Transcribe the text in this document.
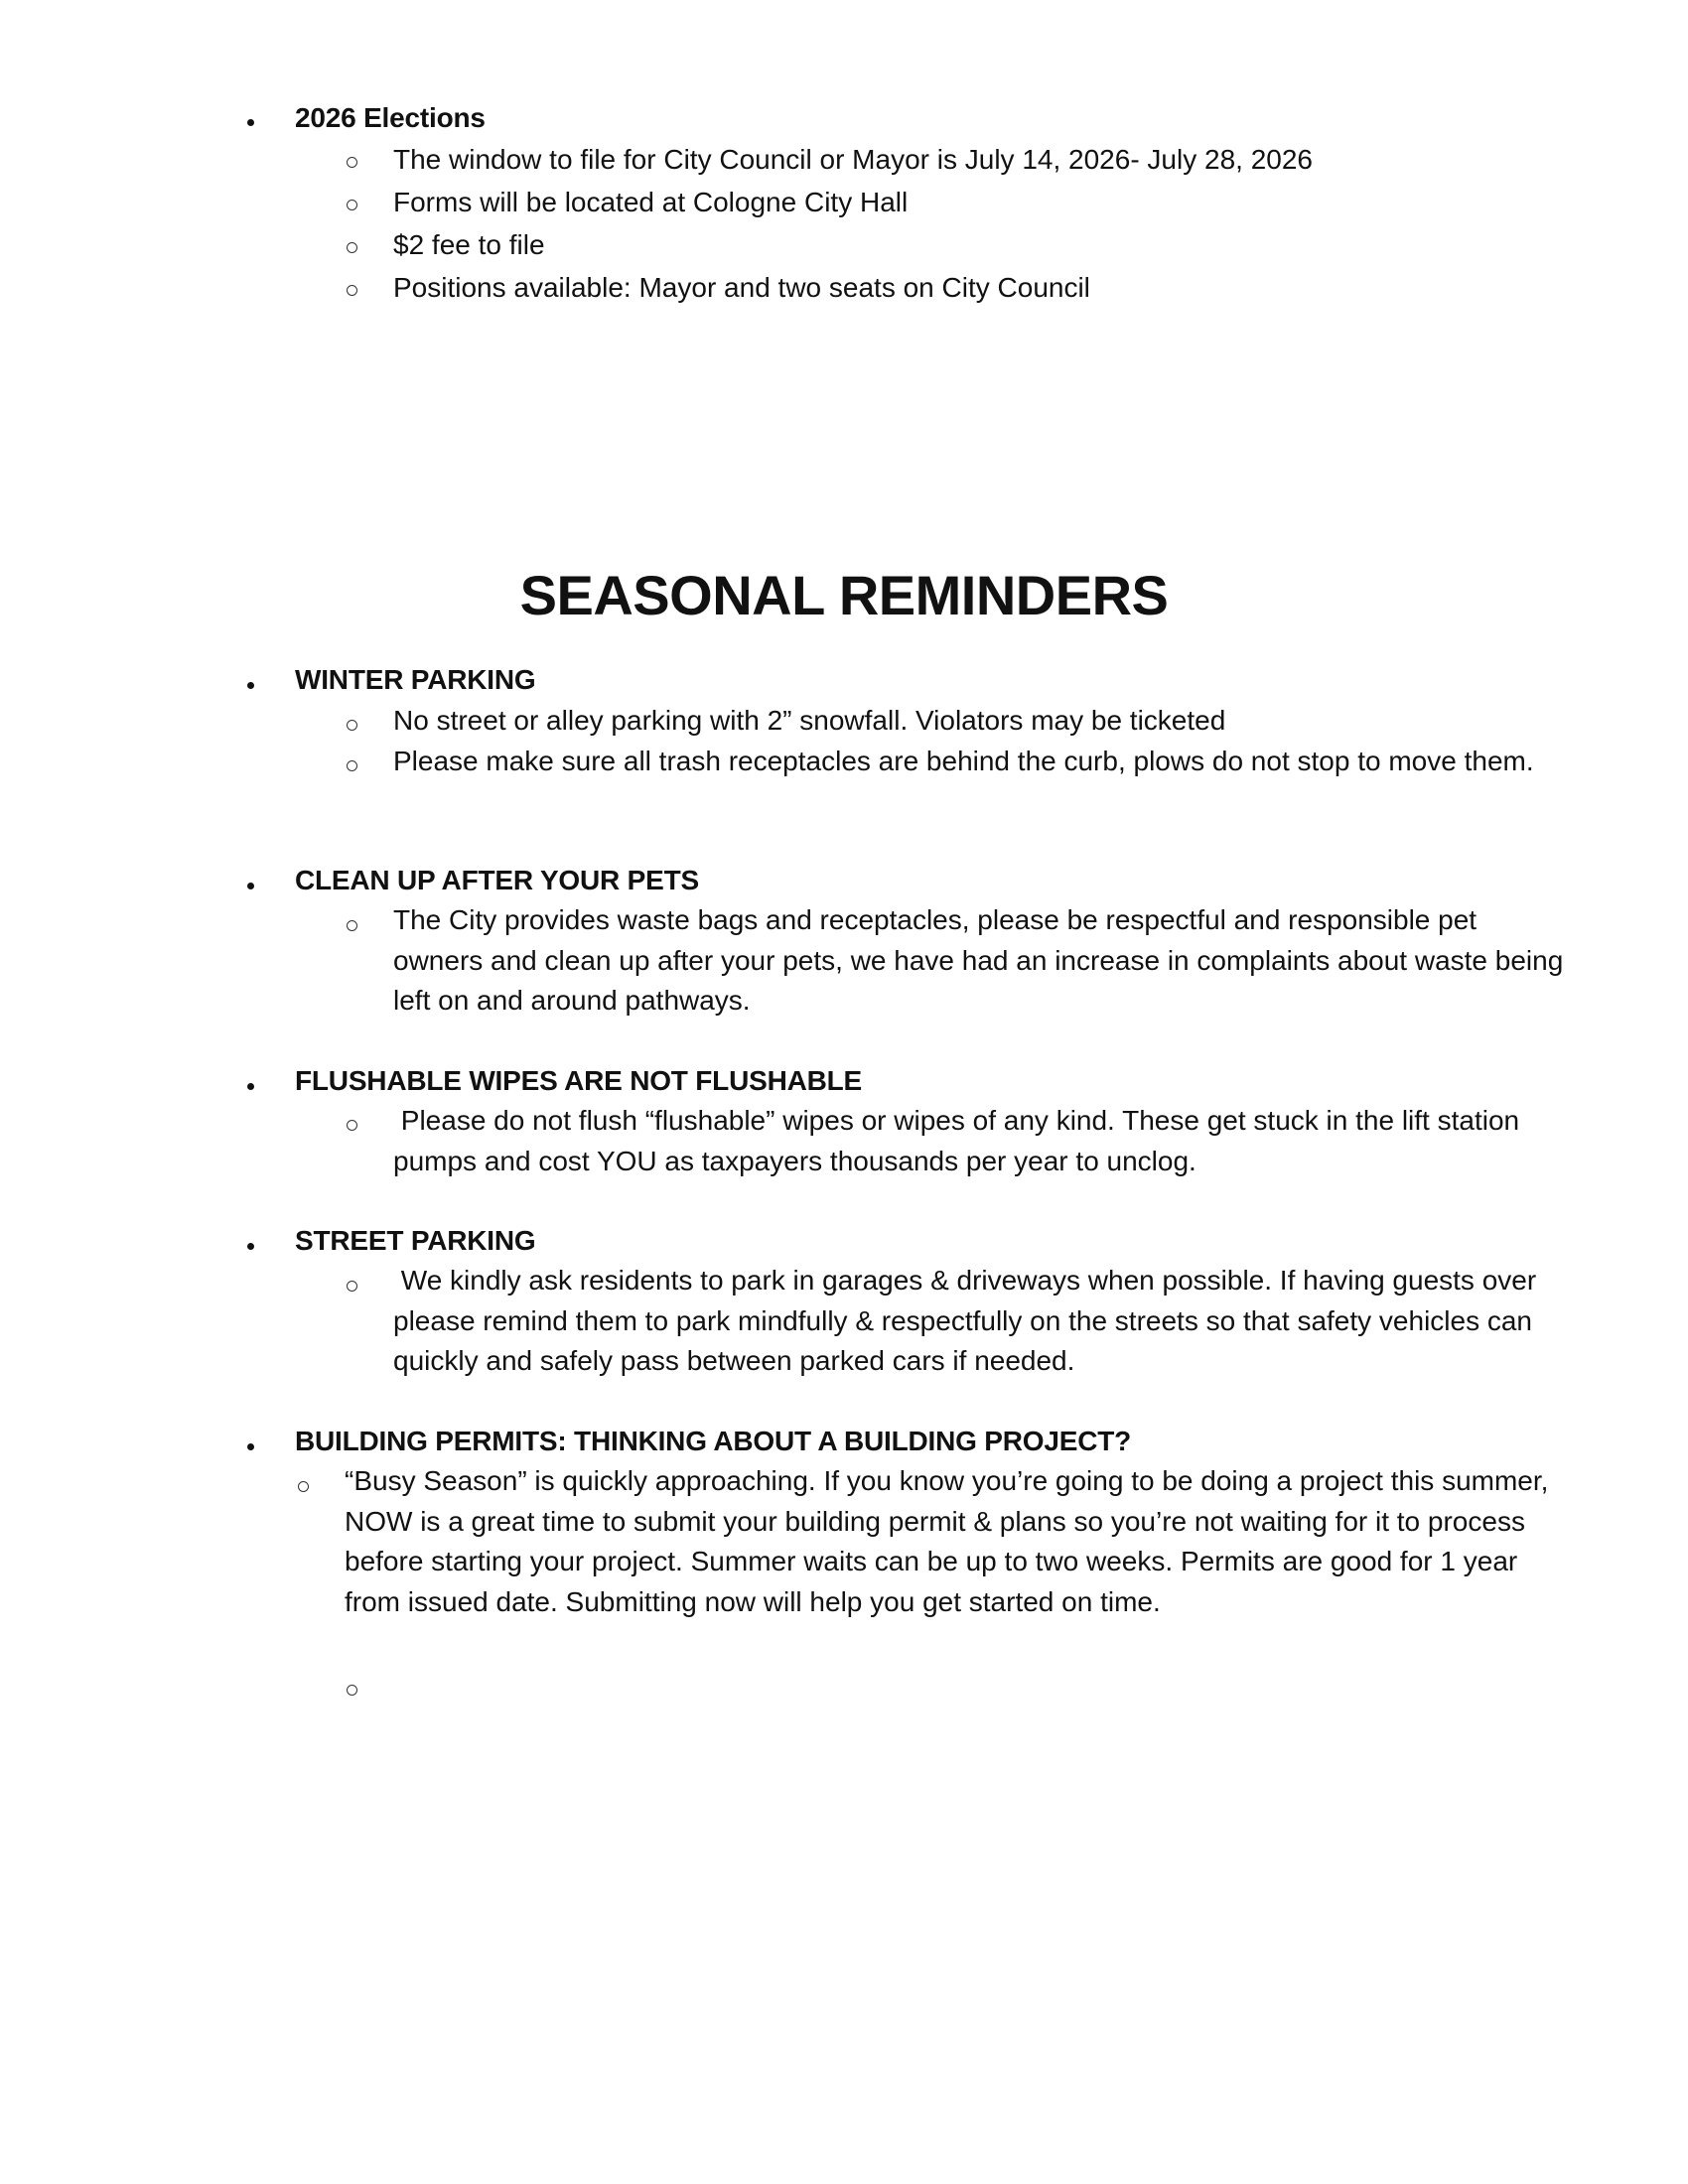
2026 Elections
The window to file for City Council or Mayor is July 14, 2026- July 28, 2026
Forms will be located at Cologne City Hall
$2 fee to file
Positions available: Mayor and two seats on City Council
SEASONAL REMINDERS
WINTER PARKING
No street or alley parking with 2” snowfall. Violators may be ticketed
Please make sure all trash receptacles are behind the curb, plows do not stop to move them.
CLEAN UP AFTER YOUR PETS
The City provides waste bags and receptacles, please be respectful and responsible pet owners and clean up after your pets, we have had an increase in complaints about waste being left on and around pathways.
FLUSHABLE WIPES ARE NOT FLUSHABLE
Please do not flush “flushable” wipes or wipes of any kind. These get stuck in the lift station pumps and cost YOU as taxpayers thousands per year to unclog.
STREET PARKING
We kindly ask residents to park in garages & driveways when possible. If having guests over please remind them to park mindfully & respectfully on the streets so that safety vehicles can quickly and safely pass between parked cars if needed.
BUILDING PERMITS: THINKING ABOUT A BUILDING PROJECT?
“Busy Season” is quickly approaching. If you know you’re going to be doing a project this summer, NOW is a great time to submit your building permit & plans so you’re not waiting for it to process before starting your project. Summer waits can be up to two weeks. Permits are good for 1 year from issued date. Submitting now will help you get started on time.
